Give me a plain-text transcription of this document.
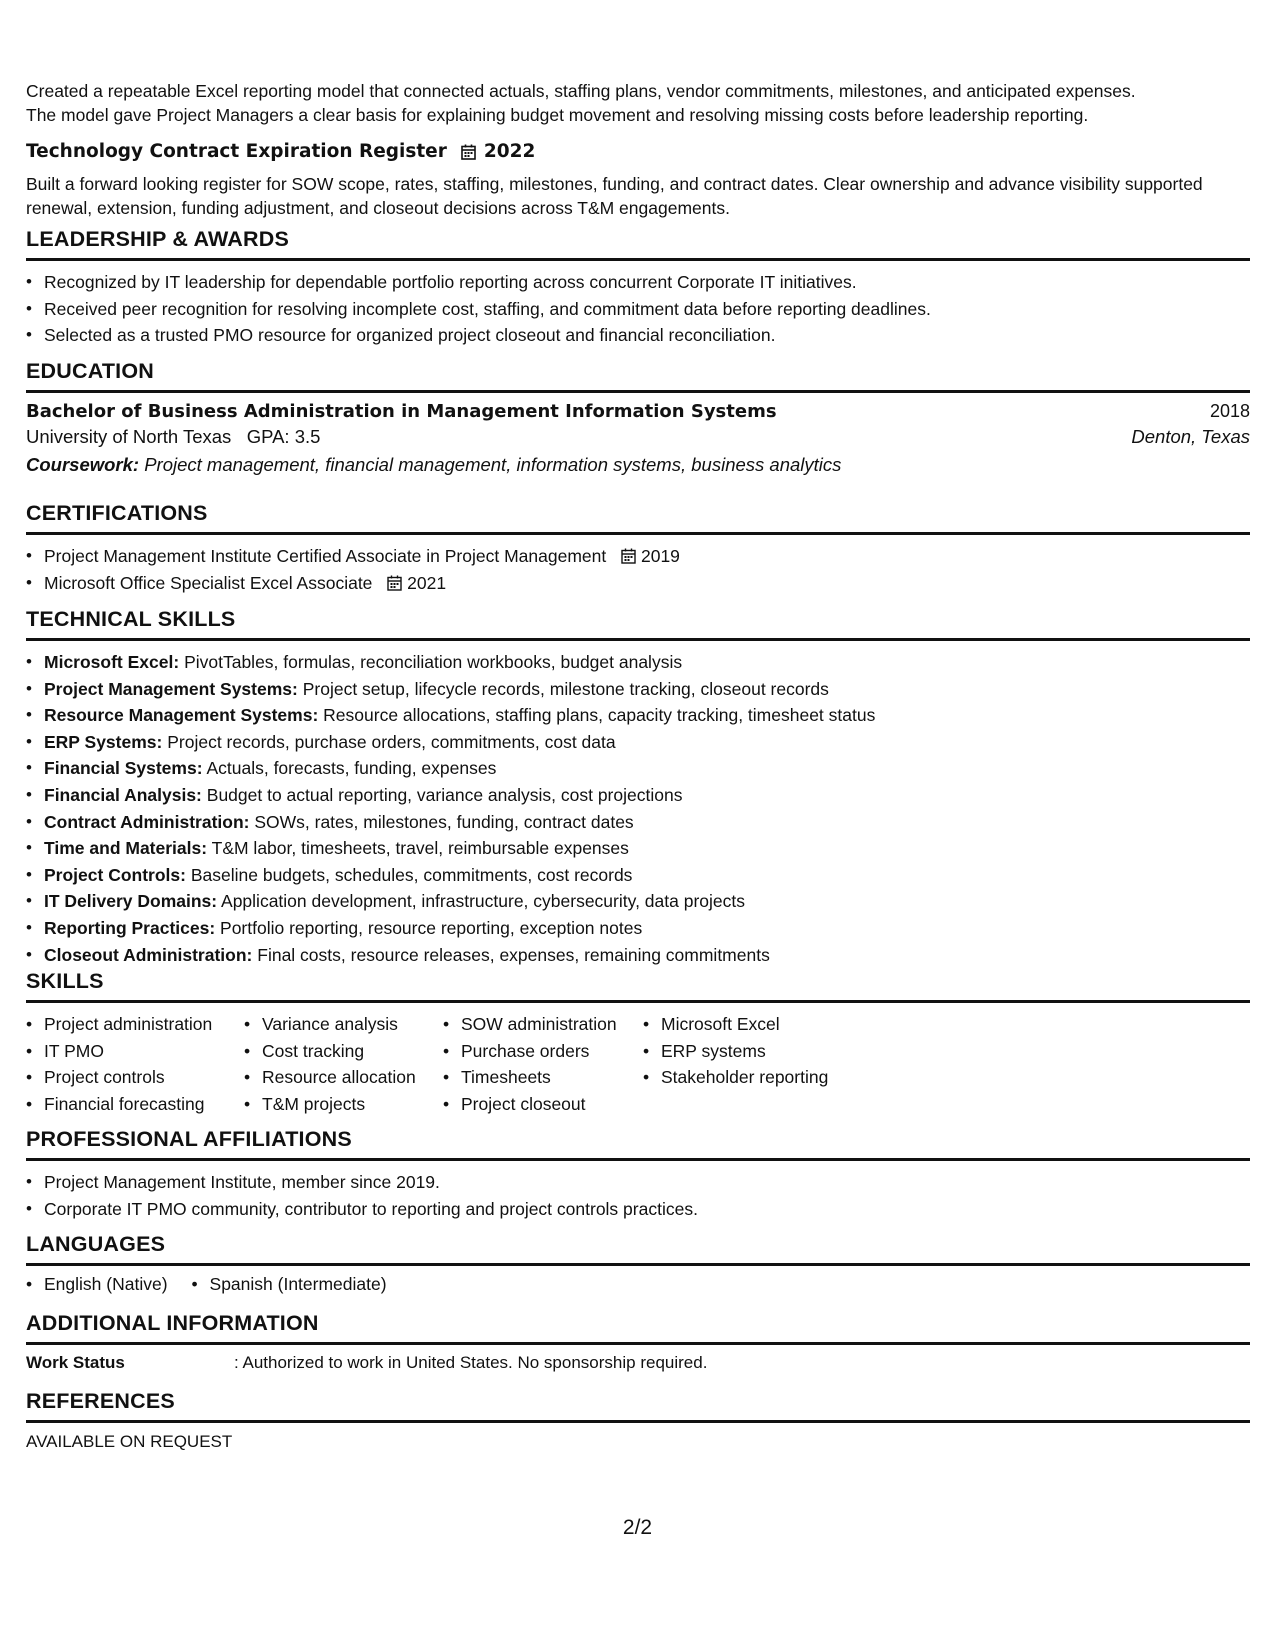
Created a repeatable Excel reporting model that connected actuals, staffing plans, vendor commitments, milestones, and anticipated expenses.

The model gave Project Managers a clear basis for explaining budget movement and resolving missing costs before leadership reporting.

Technology Contract Expiration Register 2022

Built a forward looking register for SOW scope, rates, staffing, milestones, funding, and contract dates. Clear ownership and advance visibility supported renewal, extension, funding adjustment, and closeout decisions across T&M engagements.

LEADERSHIP & AWARDS
• Recognized by IT leadership for dependable portfolio reporting across concurrent Corporate IT initiatives.
• Received peer recognition for resolving incomplete cost, staffing, and commitment data before reporting deadlines.
• Selected as a trusted PMO resource for organized project closeout and financial reconciliation.
EDUCATION
Bachelor of Business Administration in Management Information Systems	2018
University of North Texas GPA: 3.5	Denton, Texas
Coursework: Project management, financial management, information systems, business analytics
CERTIFICATIONS
• Project Management Institute Certified Associate in Project Management 2019
• Microsoft Office Specialist Excel Associate 2021
TECHNICAL SKILLS
• Microsoft Excel: PivotTables, formulas, reconciliation workbooks, budget analysis
• Project Management Systems: Project setup, lifecycle records, milestone tracking, closeout records
• Resource Management Systems: Resource allocations, staffing plans, capacity tracking, timesheet status
• ERP Systems: Project records, purchase orders, commitments, cost data
• Financial Systems: Actuals, forecasts, funding, expenses
• Financial Analysis: Budget to actual reporting, variance analysis, cost projections
• Contract Administration: SOWs, rates, milestones, funding, contract dates
• Time and Materials: T&M labor, timesheets, travel, reimbursable expenses
• Project Controls: Baseline budgets, schedules, commitments, cost records
• IT Delivery Domains: Application development, infrastructure, cybersecurity, data projects
• Reporting Practices: Portfolio reporting, resource reporting, exception notes
• Closeout Administration: Final costs, resource releases, expenses, remaining commitments
SKILLS
• Project administration
• IT PMO
• Project controls
• Financial forecasting
• Variance analysis
• Cost tracking
• Resource allocation
• T&M projects
• SOW administration
• Purchase orders
• Timesheets
• Project closeout
• Microsoft Excel
• ERP systems
• Stakeholder reporting
PROFESSIONAL AFFILIATIONS
• Project Management Institute, member since 2019.
• Corporate IT PMO community, contributor to reporting and project controls practices.
LANGUAGES
• English (Native)
• Spanish (Intermediate)
ADDITIONAL INFORMATION
Work Status	: Authorized to work in United States. No sponsorship required.
REFERENCES
AVAILABLE ON REQUEST
2/2
